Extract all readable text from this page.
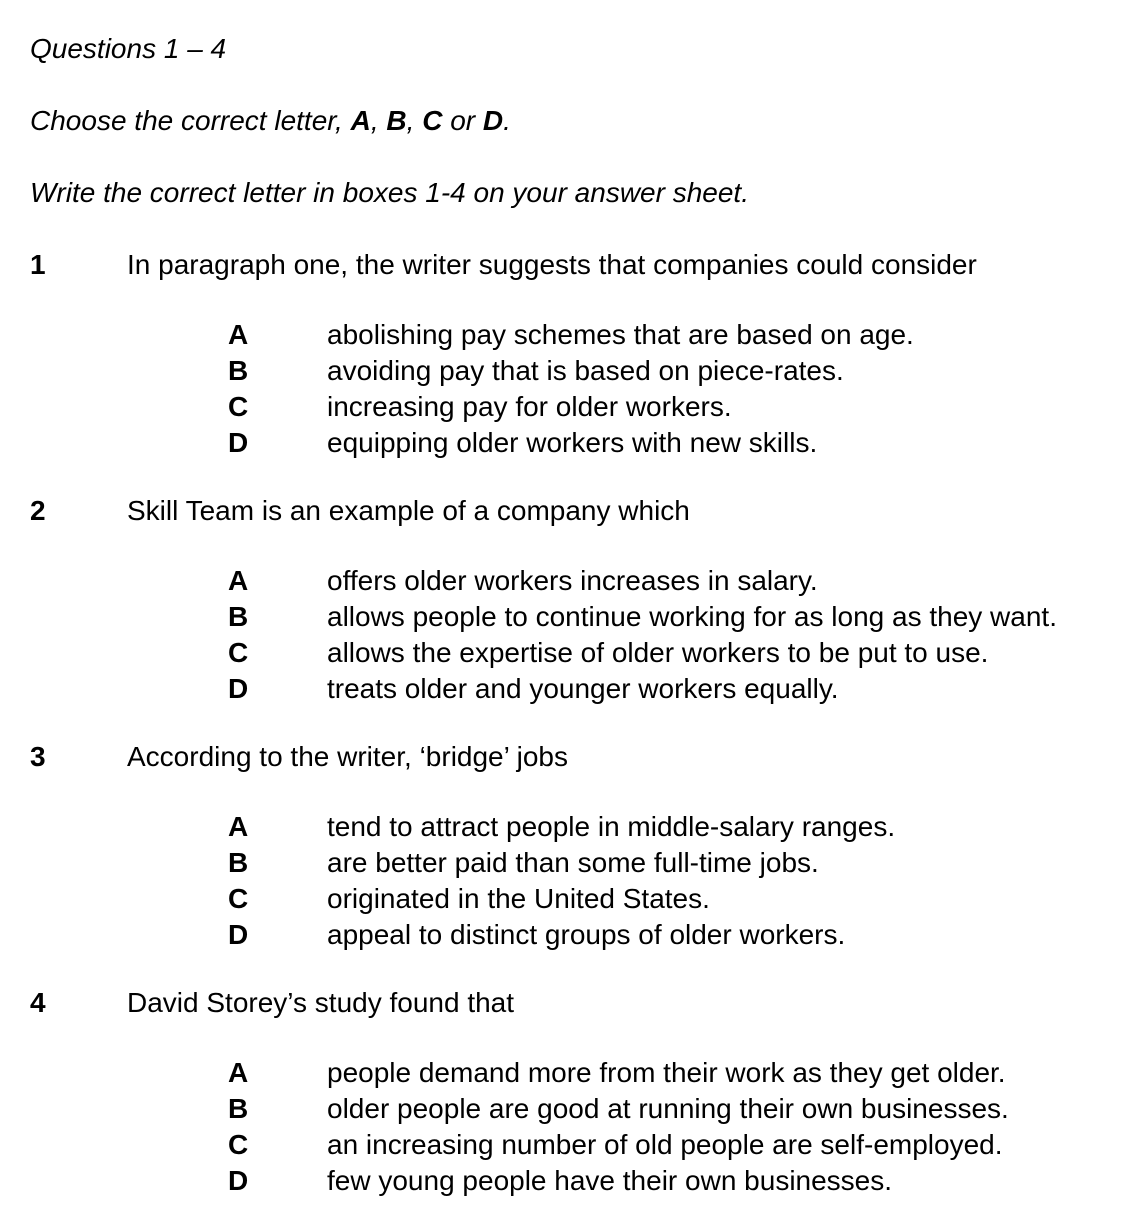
Questions 1 – 4

Choose the correct letter, A, B, C or D.

Write the correct letter in boxes 1-4 on your answer sheet.

1	In paragraph one, the writer suggests that companies could consider
A	abolishing pay schemes that are based on age.
B	avoiding pay that is based on piece-rates.
C	increasing pay for older workers.
D	equipping older workers with new skills.
2	Skill Team is an example of a company which
A	offers older workers increases in salary.
B	allows people to continue working for as long as they want.
C	allows the expertise of older workers to be put to use.
D	treats older and younger workers equally.
3	According to the writer, ‘bridge’ jobs
A	tend to attract people in middle-salary ranges.
B	are better paid than some full-time jobs.
C	originated in the United States.
D	appeal to distinct groups of older workers.
4	David Storey’s study found that
A	people demand more from their work as they get older.
B	older people are good at running their own businesses.
C	an increasing number of old people are self-employed.
D	few young people have their own businesses.
